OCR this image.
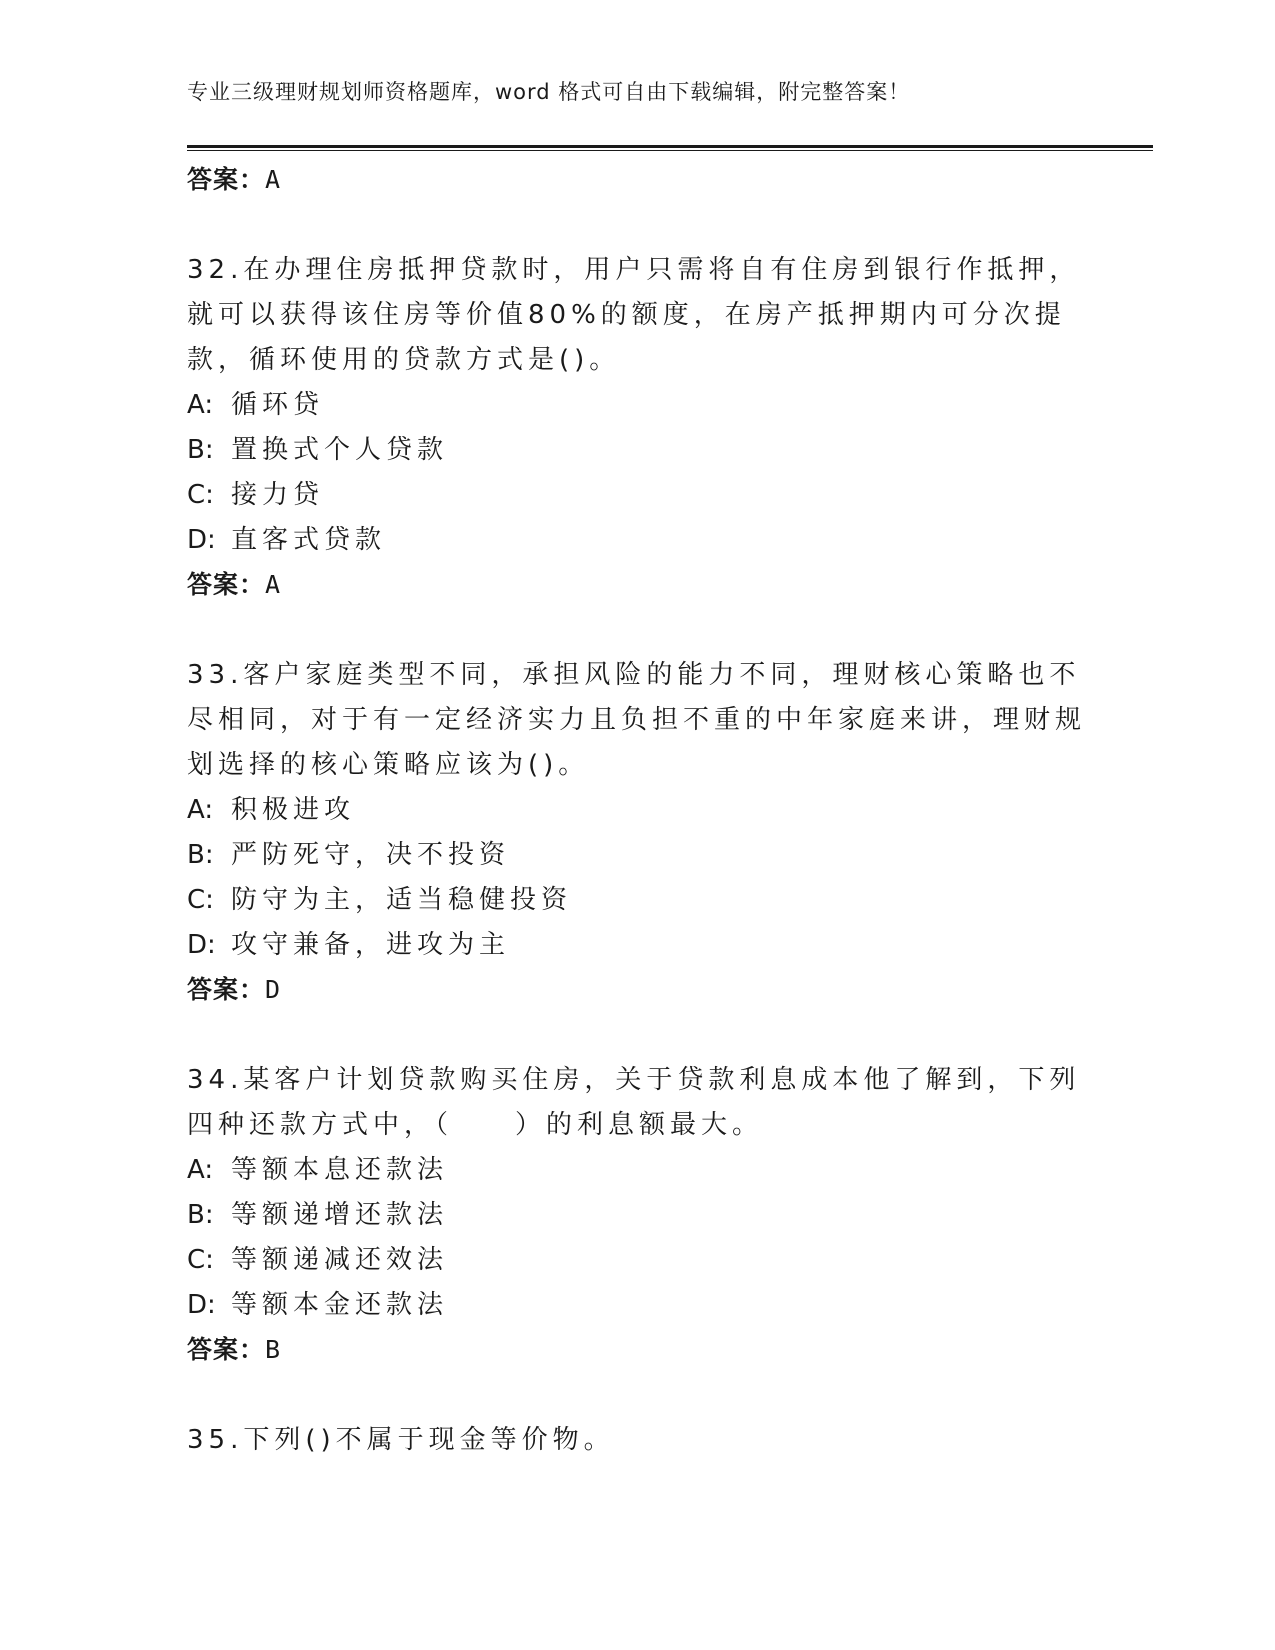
专业三级理财规划师资格题库，word 格式可自由下载编辑，附完整答案！
答案：A
32.在办理住房抵押贷款时，用户只需将自有住房到银行作抵押，就可以获得该住房等价值80%的额度，在房产抵押期内可分次提款，循环使用的贷款方式是()。
A: 循环贷
B: 置换式个人贷款
C: 接力贷
D: 直客式贷款
答案：A
33.客户家庭类型不同，承担风险的能力不同，理财核心策略也不尽相同，对于有一定经济实力且负担不重的中年家庭来讲，理财规划选择的核心策略应该为()。
A: 积极进攻
B: 严防死守，决不投资
C: 防守为主，适当稳健投资
D: 攻守兼备，进攻为主
答案：D
34.某客户计划贷款购买住房，关于贷款利息成本他了解到，下列四种还款方式中，（　　）的利息额最大。
A: 等额本息还款法
B: 等额递增还款法
C: 等额递减还效法
D: 等额本金还款法
答案：B
35.下列()不属于现金等价物。
